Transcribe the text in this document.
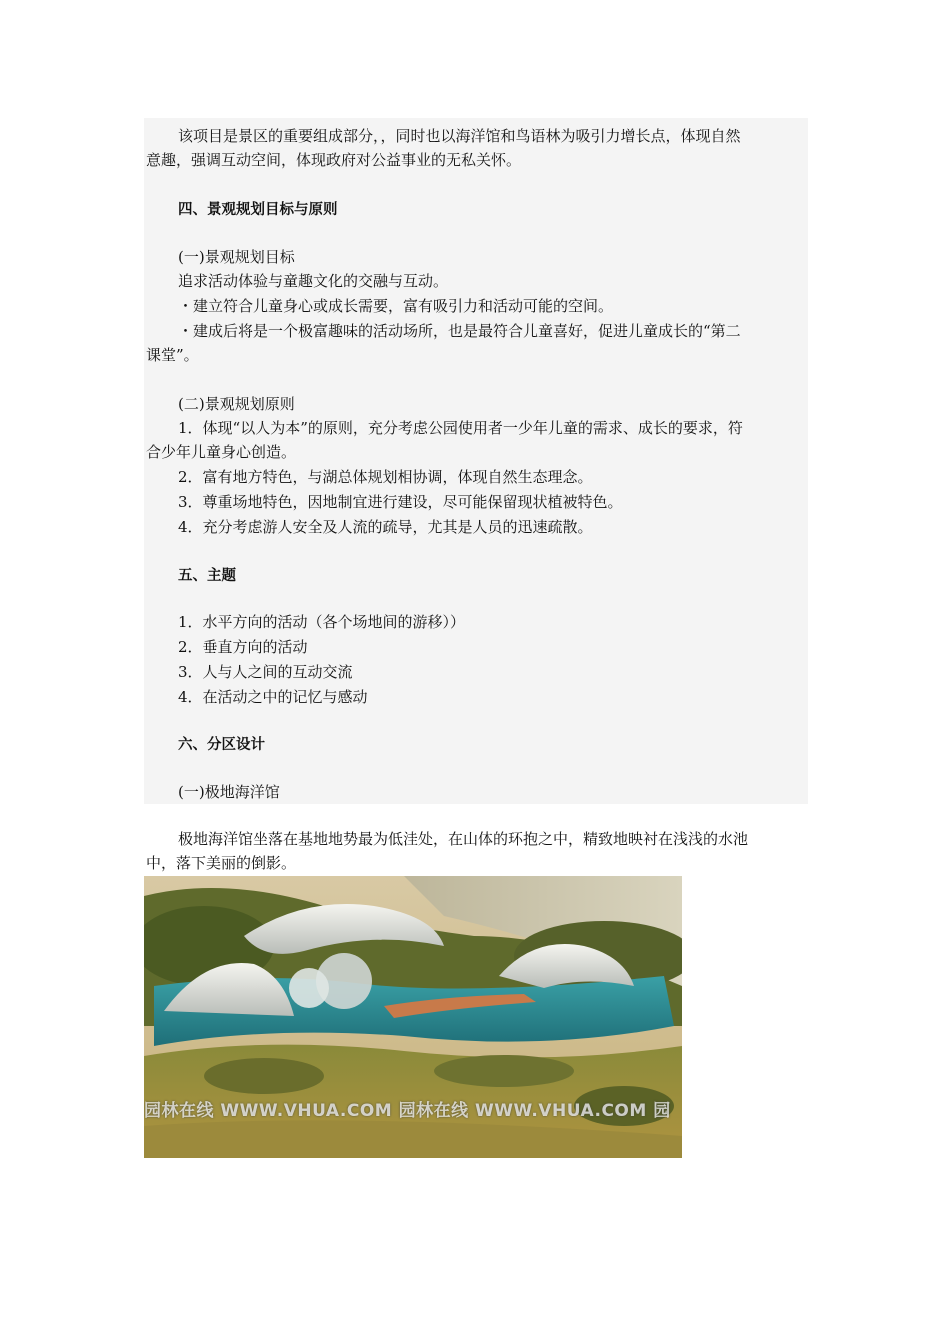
该项目是景区的重要组成部分，，同时也以海洋馆和鸟语林为吸引力增长点，体现自然
意趣，强调互动空间，体现政府对公益事业的无私关怀。
四、景观规划目标与原则
(一)景观规划目标
追求活动体验与童趣文化的交融与互动。
・建立符合儿童身心或成长需要，富有吸引力和活动可能的空间。
・建成后将是一个极富趣味的活动场所，也是最符合儿童喜好，促进儿童成长的“第二
课堂”。
(二)景观规划原则
1．体现“以人为本”的原则，充分考虑公园使用者一少年儿童的需求、成长的要求，符
合少年儿童身心创造。
2．富有地方特色，与湖总体规划相协调，体现自然生态理念。
3．尊重场地特色，因地制宜进行建设，尽可能保留现状植被特色。
4．充分考虑游人安全及人流的疏导，尤其是人员的迅速疏散。
五、主题
1．水平方向的活动（各个场地间的游移））
2．垂直方向的活动
3．人与人之间的互动交流
4．在活动之中的记忆与感动
六、分区设计
(一)极地海洋馆
极地海洋馆坐落在基地地势最为低洼处，在山体的环抱之中，精致地映衬在浅浅的水池
中，落下美丽的倒影。
园林在线 WWW.VHUA.COM 园林在线 WWW.VHUA.COM 园
